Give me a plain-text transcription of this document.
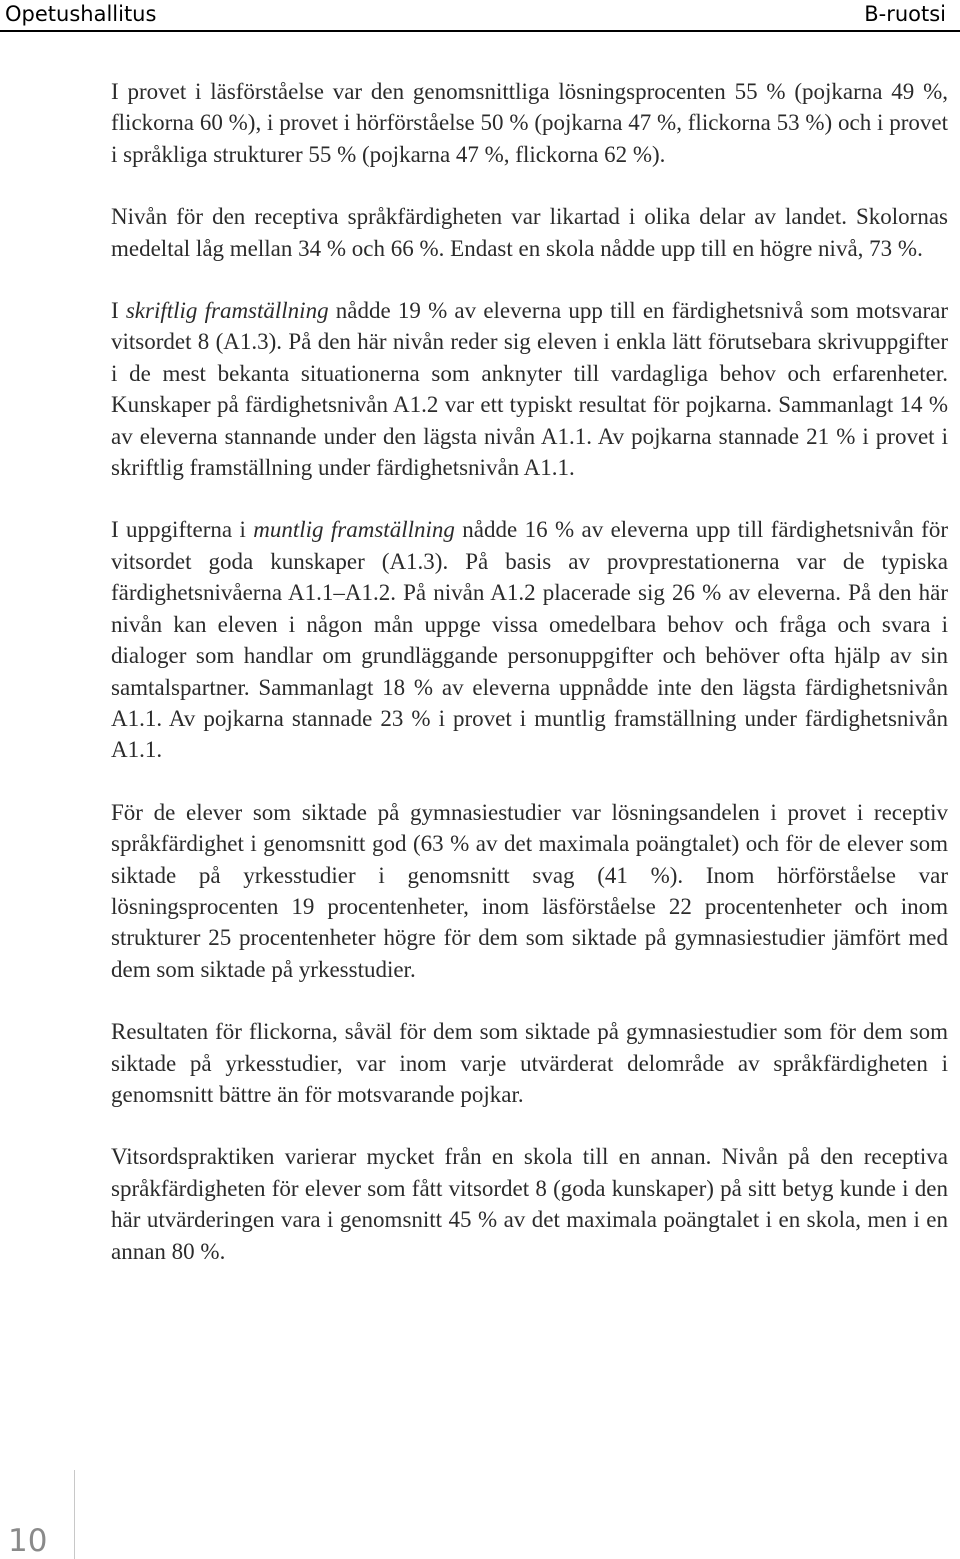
Opetushallitus	B-ruotsi

I provet i läsförståelse var den genomsnittliga lösningsprocenten 55 % (pojkarna 49 %, flickorna 60 %), i provet i hörförståelse 50 % (pojkarna 47 %, flickorna 53 %) och i provet i språkliga strukturer 55 % (pojkarna 47 %, flickorna 62 %).

Nivån för den receptiva språkfärdigheten var likartad i olika delar av landet. Skolornas medeltal låg mellan 34 % och 66 %. Endast en skola nådde upp till en högre nivå, 73 %.

I skriftlig framställning nådde 19 % av eleverna upp till en färdighetsnivå som motsvarar vitsordet 8 (A1.3). På den här nivån reder sig eleven i enkla lätt förutsebara skrivuppgifter i de mest bekanta situationerna som anknyter till vardagliga behov och erfarenheter. Kunskaper på färdighetsnivån A1.2 var ett typiskt resultat för pojkarna. Sammanlagt 14 % av eleverna stannande under den lägsta nivån A1.1. Av pojkarna stannade 21 % i provet i skriftlig framställning under färdighetsnivån A1.1.

I uppgifterna i muntlig framställning nådde 16 % av eleverna upp till färdighetsnivån för vitsordet goda kunskaper (A1.3). På basis av provprestationerna var de typiska färdighetsnivåerna A1.1–A1.2. På nivån A1.2 placerade sig 26 % av eleverna. På den här nivån kan eleven i någon mån uppge vissa omedelbara behov och fråga och svara i dialoger som handlar om grundläggande personuppgifter och behöver ofta hjälp av sin samtalspartner. Sammanlagt 18 % av eleverna uppnådde inte den lägsta färdighetsnivån A1.1. Av pojkarna stannade 23 % i provet i muntlig framställning under färdighetsnivån A1.1.

För de elever som siktade på gymnasiestudier var lösningsandelen i provet i receptiv språkfärdighet i genomsnitt god (63 % av det maximala poängtalet) och för de elever som siktade på yrkesstudier i genomsnitt svag (41 %). Inom hörförståelse var lösningsprocenten 19 procentenheter, inom läsförståelse 22 procentenheter och inom strukturer 25 procentenheter högre för dem som siktade på gymnasiestudier jämfört med dem som siktade på yrkesstudier.

Resultaten för flickorna, såväl för dem som siktade på gymnasiestudier som för dem som siktade på yrkesstudier, var inom varje utvärderat delområde av språkfärdigheten i genomsnitt bättre än för motsvarande pojkar.

Vitsordspraktiken varierar mycket från en skola till en annan. Nivån på den receptiva språkfärdigheten för elever som fått vitsordet 8 (goda kunskaper) på sitt betyg kunde i den här utvärderingen vara i genomsnitt 45 % av det maximala poängtalet i en skola, men i en annan 80 %.

10
